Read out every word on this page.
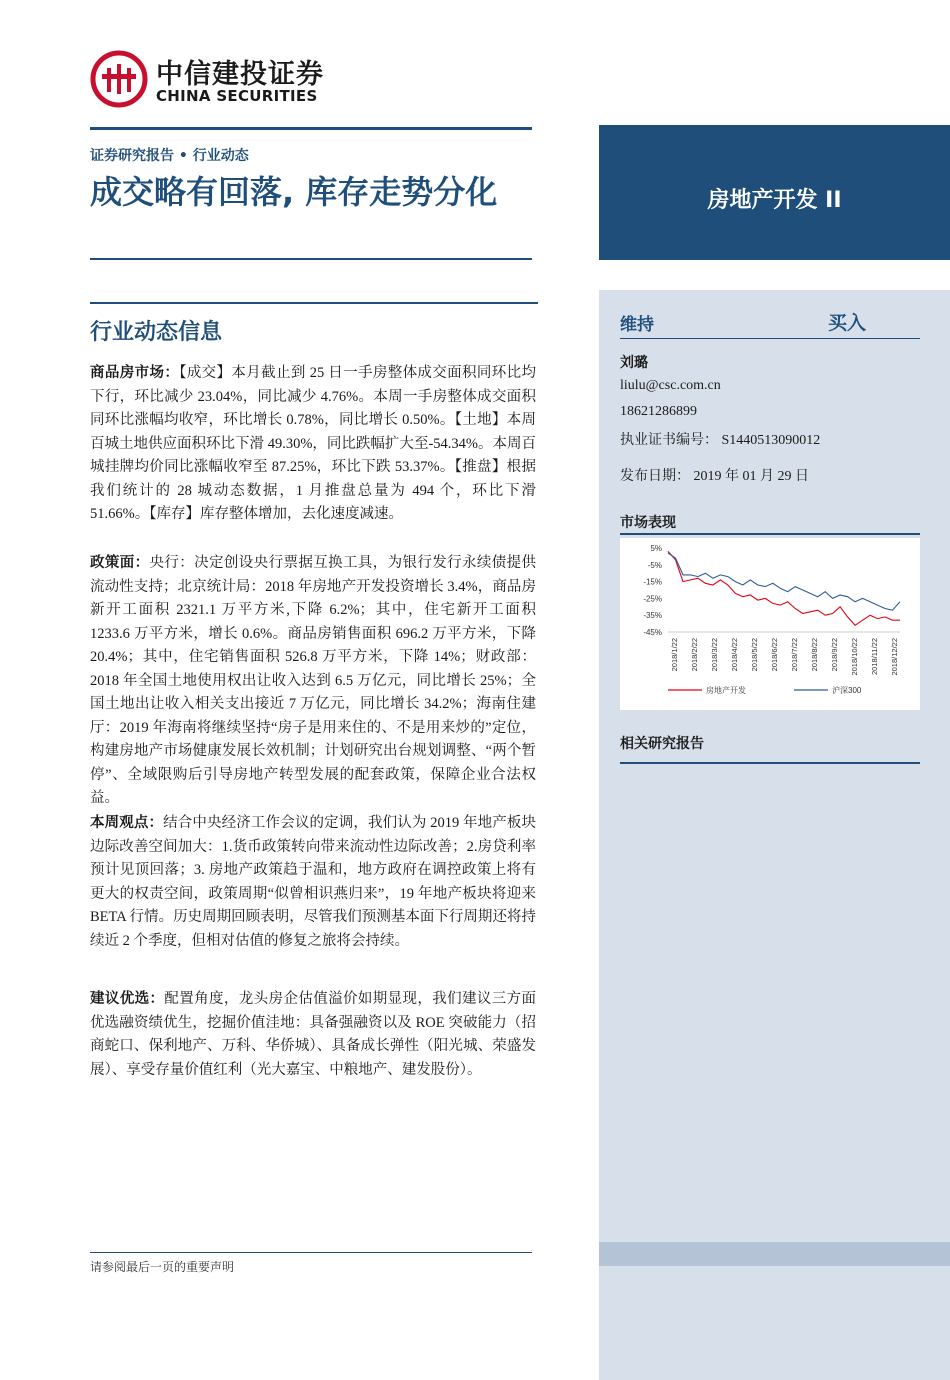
中信建投证券
CHINA SECURITIES
证券研究报告 • 行业动态
成交略有回落, 库存走势分化
行业动态信息

商品房市场：【成交】本月截止到 25 日一手房整体成交面积同环比均下行，环比减少 23.04%，同比减少 4.76%。本周一手房整体成交面积同环比涨幅均收窄，环比增长 0.78%，同比增长 0.50%。【土地】本周百城土地供应面积环比下滑 49.30%，同比跌幅扩大至-54.34%。本周百城挂牌均价同比涨幅收窄至 87.25%，环比下跌 53.37%。【推盘】根据我们统计的 28 城动态数据，1 月推盘总量为 494 个，环比下滑 51.66%。【库存】库存整体增加，去化速度减速。

政策面：央行：决定创设央行票据互换工具，为银行发行永续债提供流动性支持；北京统计局：2018 年房地产开发投资增长 3.4%，商品房新开工面积 2321.1 万平方米,下降 6.2%；其中，住宅新开工面积 1233.6 万平方米，增长 0.6%。商品房销售面积 696.2 万平方米，下降 20.4%；其中，住宅销售面积 526.8 万平方米，下降 14%；财政部：2018 年全国土地使用权出让收入达到 6.5 万亿元，同比增长 25%；全国土地出让收入相关支出接近 7 万亿元，同比增长 34.2%；海南住建厅：2019 年海南将继续坚持“房子是用来住的、不是用来炒的”定位，构建房地产市场健康发展长效机制；计划研究出台规划调整、“两个暂停”、全域限购后引导房地产转型发展的配套政策，保障企业合法权益。

本周观点：结合中央经济工作会议的定调，我们认为 2019 年地产板块边际改善空间加大：1.货币政策转向带来流动性边际改善；2.房贷利率预计见顶回落；3. 房地产政策趋于温和，地方政府在调控政策上将有更大的权责空间，政策周期“似曾相识燕归来”，19 年地产板块将迎来 BETA 行情。历史周期回顾表明，尽管我们预测基本面下行周期还将持续近 2 个季度，但相对估值的修复之旅将会持续。

建议优选：配置角度，龙头房企估值溢价如期显现，我们建议三方面优选融资绩优生，挖掘价值洼地：具备强融资以及 ROE 突破能力（招商蛇口、保利地产、万科、华侨城）、具备成长弹性（阳光城、荣盛发展）、享受存量价值红利（光大嘉宝、中粮地产、建发股份）。

请参阅最后一页的重要声明
房地产开发 II
维持	买入
刘璐
liulu@csc.com.cn
18621286899
执业证书编号： S1440513090012
发布日期： 2019 年 01 月 29 日
市场表现
5%
-5%
-15%
-25%
-35%
-45%
2018/1/22 2018/2/22 2018/3/22 2018/4/22 2018/5/22 2018/6/22 2018/7/22 2018/8/22 2018/9/22 2018/10/22 2018/11/22 2018/12/22
房地产开发	沪深300
相关研究报告
